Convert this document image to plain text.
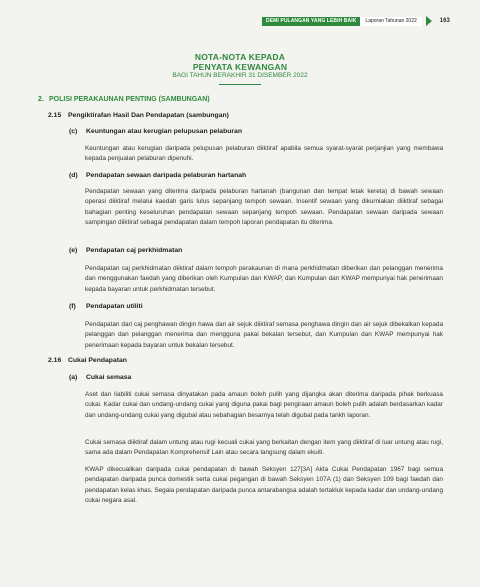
DEMI PULANGAN YANG LEBIH BAIK	Laporan Tahunan 2022	163
NOTA-NOTA KEPADA
PENYATA KEWANGAN
BAGI TAHUN BERAKHIR 31 DISEMBER 2022
2. POLISI PERAKAUNAN PENTING (SAMBUNGAN)
2.15 Pengiktirafan Hasil Dan Pendapatan (sambungan)
(c) Keuntungan atau kerugian pelupusan pelaburan
Keuntungan atau kerugian daripada pelupusan pelaburan diiktiraf apabila semua syarat-syarat perjanjian yang membawa kepada penjualan pelaburan dipenuhi.
(d) Pendapatan sewaan daripada pelaburan hartanah
Pendapatan sewaan yang diterima daripada pelaburan hartanah (bangunan dan tempat letak kereta) di bawah sewaan operasi diiktiraf melalui kaedah garis lulus sepanjang tempoh sewaan. Insentif sewaan yang dikurniakan diiktiraf sebagai bahagian penting keseluruhan pendapatan sewaan sepanjang tempoh sewaan. Pendapatan sewaan daripada sewaan sampingan diiktiraf sebagai pendapatan dalam tempoh laporan pendapatan itu diterima.
(e) Pendapatan caj perkhidmatan
Pendapatan caj perkhidmatan diiktiraf dalam tempoh perakaunan di mana perkhidmatan diberikan dan pelanggan menerima dan menggunakan faedah yang diberikan oleh Kumpulan dan KWAP, dan Kumpulan dan KWAP mempunyai hak penerimaan kepada bayaran untuk perkhidmatan tersebut.
(f) Pendapatan utiliti
Pendapatan dari caj penghawan dingin hawa dan air sejuk diiktiraf semasa penghawa dingin dan air sejuk dibekalkan kepada pelanggan dan pelanggan menerima dan mengguna pakai bekalan tersebut, dan Kumpulan dan KWAP mempunyai hak penerimaan kepada bayaran untuk bekalan tersebut.
2.16 Cukai Pendapatan
(a) Cukai semasa
Aset dan liabiliti cukai semasa dinyatakan pada amaun boleh pulih yang dijangka akan diterima daripada pihak berkuasa cukai. Kadar cukai dan undang-undang cukai yang diguna pakai bagi pengiraan amaun boleh pulih adalah berdasarkan kadar dan undang-undang cukai yang digubal atau sebahagian besarnya telah digubal pada tarikh laporan.
Cukai semasa diiktiraf dalam untung atau rugi kecuali cukai yang berkaitan dengan item yang diiktiraf di luar untung atau rugi, sama ada dalam Pendapatan Komprehensif Lain atau secara langsung dalam ekuiti.
KWAP dikecualikan daripada cukai pendapatan di bawah Seksyen 127[3A] Akta Cukai Pendapatan 1967 bagi semua pendapatan daripada punca domestik serta cukai pegangan di bawah Seksyen 107A (1) dan Seksyen 109 bagi faedah dan pendapatan kelas khas. Segala pendapatan daripada punca antarabangsa adalah tertakluk kepada kadar dan undang-undang cukai negara asal.
